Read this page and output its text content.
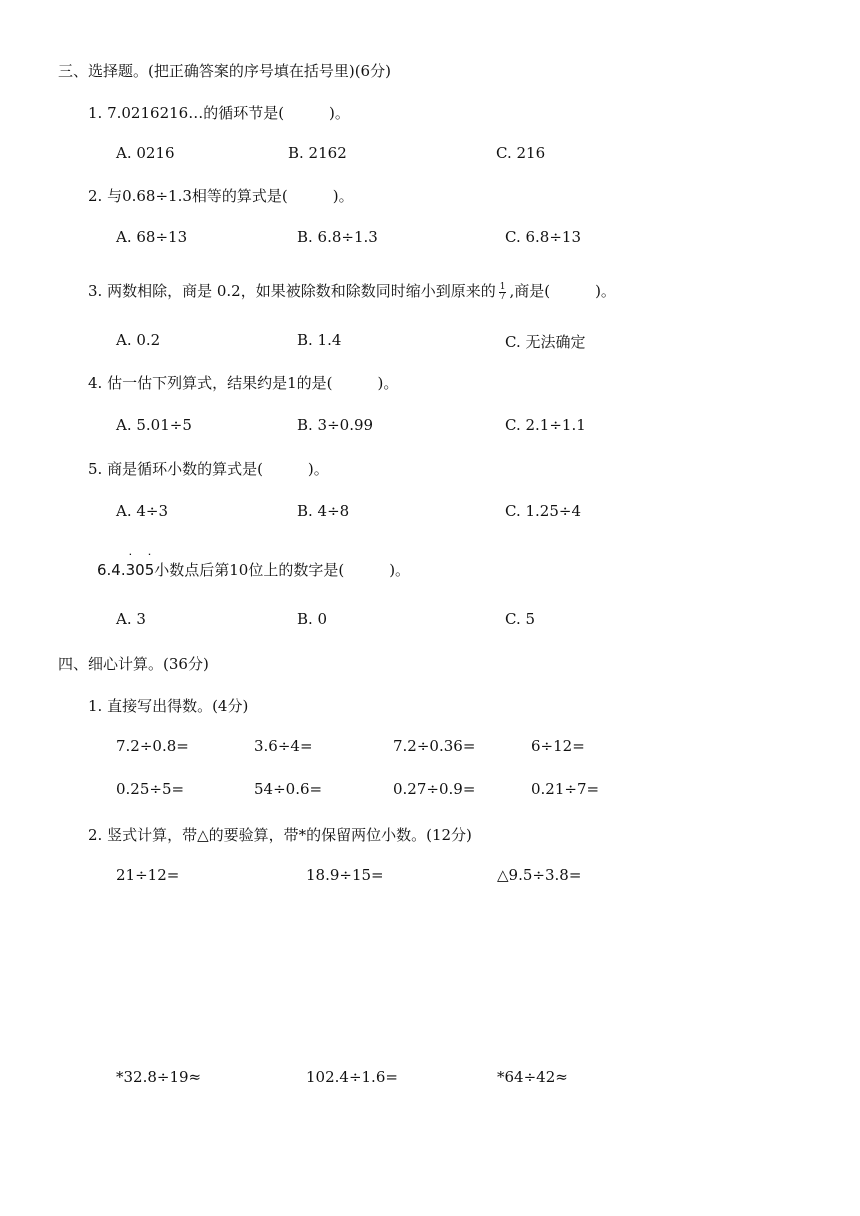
三、选择题。(把正确答案的序号填在括号里)(6分)
1. 7.0216216…的循环节是(　　　)。
A. 0216	B. 2162	C. 216
2. 与0.68÷1.3相等的算式是(　　　)。
A. 68÷13	B. 6.8÷1.3	C. 6.8÷13
3. 两数相除，商是 0.2，如果被除数和除数同时缩小到原来的 $\frac{1}{7}$ ,商是(　　　)。
A. 0.2	B. 1.4	C. 无法确定
4. 估一估下列算式，结果约是1的是(　　　)。
A. 5.01÷5	B. 3÷0.99	C. 2.1÷1.1
5. 商是循环小数的算式是(　　　)。
A. 4÷3	B. 4÷8	C. 1.25÷4
6.4.3 ˙05 ˙小数点后第10位上的数字是(　　　)。
A. 3	B. 0	C. 5
四、细心计算。(36分)
1. 直接写出得数。(4分)
7.2÷0.8=	3.6÷4=	7.2÷0.36=	6÷12=
0.25÷5=	54÷0.6=	0.27÷0.9=	0.21÷7=
2. 竖式计算，带△的要验算，带*的保留两位小数。(12分)
21÷12=	18.9÷15=	△9.5÷3.8=
*32.8÷19≈	102.4÷1.6=	*64÷42≈
